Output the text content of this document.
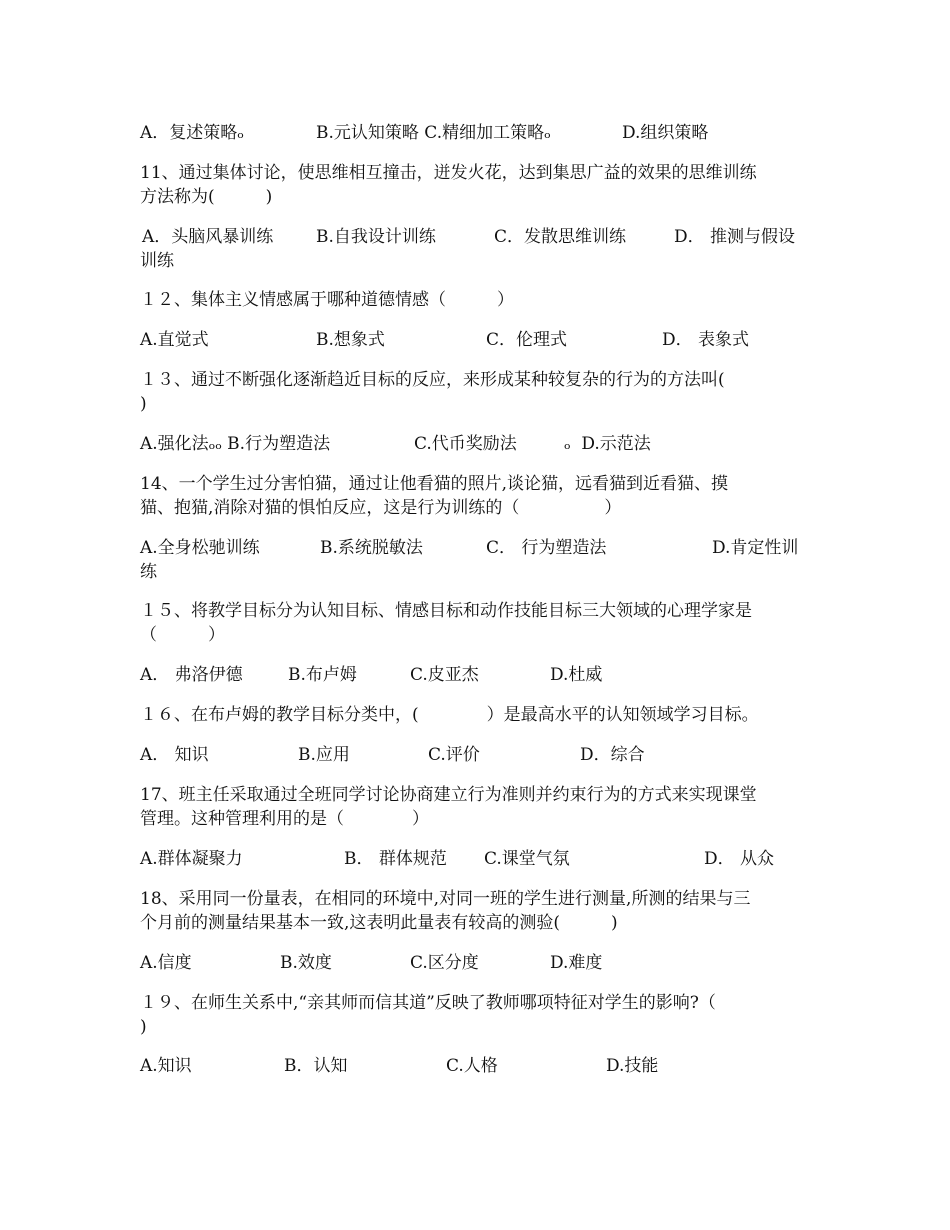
A．复述策略ₒ	B.元认知策略 C.精细加工策略ₒ	D.组织策略
11、通过集体讨论，使思维相互撞击，迸发火花，达到集思广益的效果的思维训练
方法称为(　　　)
A．头脑风暴训练	B.自我设计训练	C．发散思维训练	D． 推测与假设
训练
１２、集体主义情感属于哪种道德情感（　　　）
A.直觉式	B.想象式	C．伦理式	D． 表象式
１３、通过不断强化逐渐趋近目标的反应，来形成某种较复杂的行为的方法叫(
)
A.强化法ₒₒ B.行为塑造法	C.代币奖励法	ₒ  D.示范法
14、一个学生过分害怕猫，通过让他看猫的照片,谈论猫，远看猫到近看猫、摸
猫、抱猫,消除对猫的惧怕反应，这是行为训练的（　　　　　）
A.全身松驰训练	B.系统脱敏法	C． 行为塑造法	D.肯定性训
练
１５、将教学目标分为认知目标、情感目标和动作技能目标三大领域的心理学家是
（　　　）
A． 弗洛伊德	B.布卢姆	C.皮亚杰	D.杜威
１６、在布卢姆的教学目标分类中，(　　　　）是最高水平的认知领域学习目标。
A． 知识	B.应用	C.评价	D．综合
17、班主任采取通过全班同学讨论协商建立行为准则并约束行为的方式来实现课堂
管理。这种管理利用的是（　　　　）
A.群体凝聚力	B． 群体规范 C.课堂气氛	D． 从众
18、采用同一份量表，在相同的环境中,对同一班的学生进行测量,所测的结果与三
个月前的测量结果基本一致,这表明此量表有较高的测验(　　　)
A.信度	B.效度	C.区分度	D.难度
１９、在师生关系中,“亲其师而信其道”反映了教师哪项特征对学生的影响?（
)
A.知识	B．认知	C.人格	D.技能
